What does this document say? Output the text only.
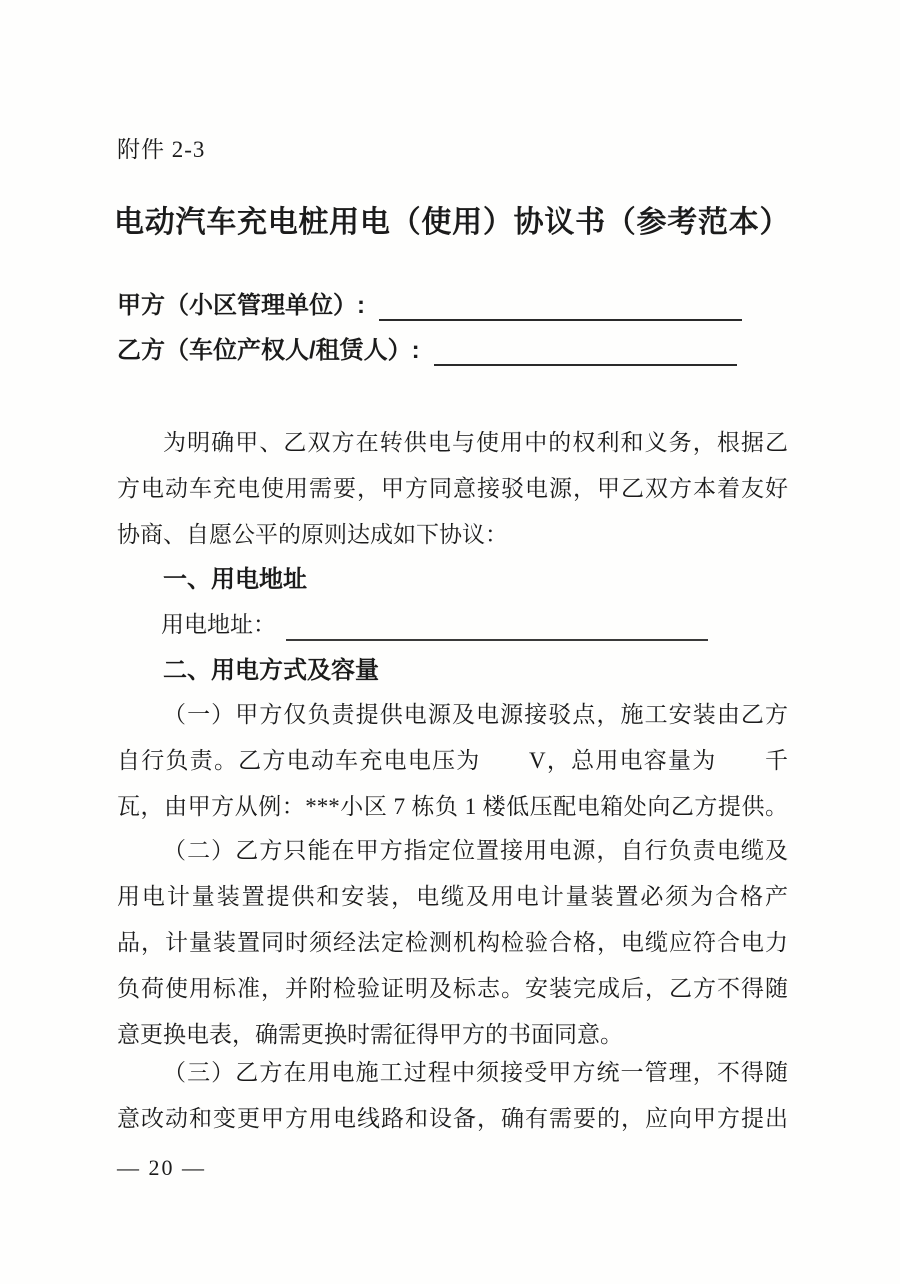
附件 2-3
电动汽车充电桩用电（使用）协议书（参考范本）
甲方（小区管理单位）:
乙方（车位产权人/租赁人）:
为明确甲、乙双方在转供电与使用中的权利和义务，根据乙
方电动车充电使用需要，甲方同意接驳电源，甲乙双方本着友好
协商、自愿公平的原则达成如下协议：
一、用电地址
用电地址：
二、用电方式及容量
（一）甲方仅负责提供电源及电源接驳点，施工安装由乙方
自行负责。乙方电动车充电电压为　　V，总用电容量为　　千
瓦，由甲方从例：***小区 7 栋负 1 楼低压配电箱处向乙方提供。
（二）乙方只能在甲方指定位置接用电源，自行负责电缆及
用电计量装置提供和安装，电缆及用电计量装置必须为合格产
品，计量装置同时须经法定检测机构检验合格，电缆应符合电力
负荷使用标准，并附检验证明及标志。安装完成后，乙方不得随
意更换电表，确需更换时需征得甲方的书面同意。
（三）乙方在用电施工过程中须接受甲方统一管理，不得随
意改动和变更甲方用电线路和设备，确有需要的，应向甲方提出
— 20 —
